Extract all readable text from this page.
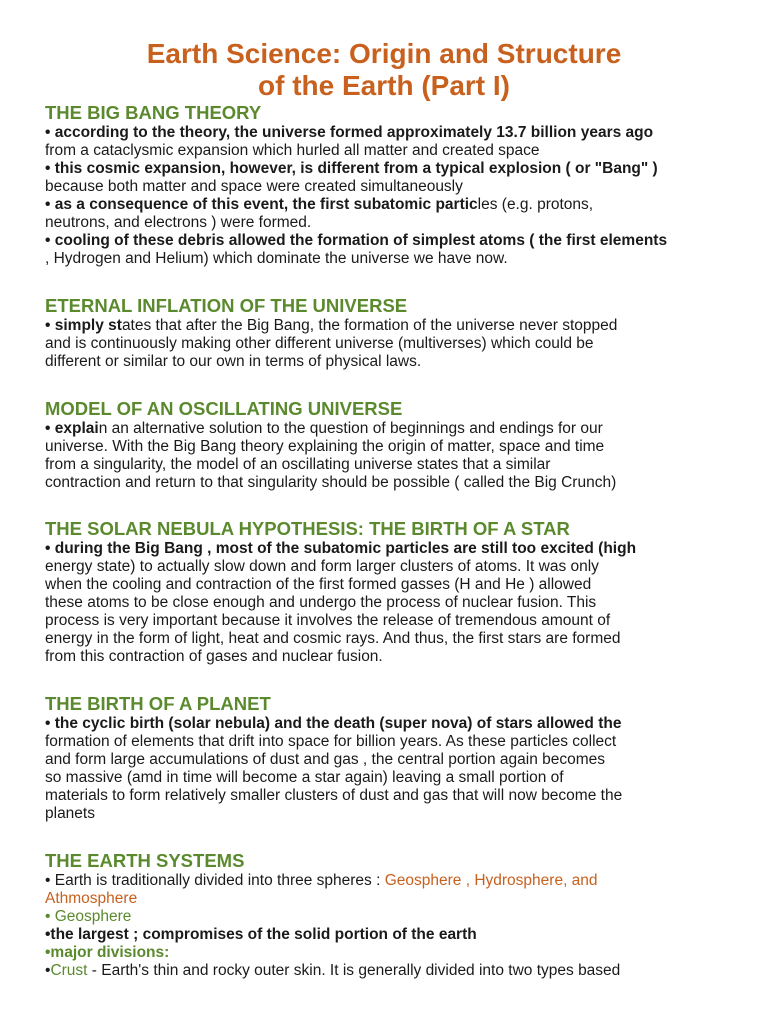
Earth Science: Origin and Structure
of the Earth (Part I)
THE BIG BANG THEORY

• according to the theory, the universe formed approximately 13.7 billion years ago

from a cataclysmic expansion which hurled all matter and created space

• this cosmic expansion, however, is different from a typical explosion ( or "Bang" )

because both matter and space were created simultaneously

• as a consequence of this event, the first subatomic particles (e.g. protons,

neutrons, and electrons ) were formed.

• cooling of these debris allowed the formation of simplest atoms ( the first elements

, Hydrogen and Helium) which dominate the universe we have now.

ETERNAL INFLATION OF THE UNIVERSE

• simply states that after the Big Bang, the formation of the universe never stopped

and is continuously making other different universe (multiverses) which could be

different or similar to our own in terms of physical laws.

MODEL OF AN OSCILLATING UNIVERSE

• explain an alternative solution to the question of beginnings and endings for our

universe. With the Big Bang theory explaining the origin of matter, space and time

from a singularity, the model of an oscillating universe states that a similar

contraction and return to that singularity should be possible ( called the Big Crunch)

THE SOLAR NEBULA HYPOTHESIS: THE BIRTH OF A STAR

• during the Big Bang , most of the subatomic particles are still too excited (high

energy state) to actually slow down and form larger clusters of atoms. It was only

when the cooling and contraction of the first formed gasses (H and He ) allowed

these atoms to be close enough and undergo the process of nuclear fusion. This

process is very important because it involves the release of tremendous amount of

energy in the form of light, heat and cosmic rays. And thus, the first stars are formed

from this contraction of gases and nuclear fusion.

THE BIRTH OF A PLANET

• the cyclic birth (solar nebula) and the death (super nova) of stars allowed the

formation of elements that drift into space for billion years. As these particles collect

and form large accumulations of dust and gas , the central portion again becomes

so massive (amd in time will become a star again) leaving a small portion of

materials to form relatively smaller clusters of dust and gas that will now become the

planets

THE EARTH SYSTEMS

• Earth is traditionally divided into three spheres : Geosphere , Hydrosphere, and

Athmosphere

• Geosphere

•the largest ; compromises of the solid portion of the earth

•major divisions:

•Crust - Earth's thin and rocky outer skin. It is generally divided into two types based
